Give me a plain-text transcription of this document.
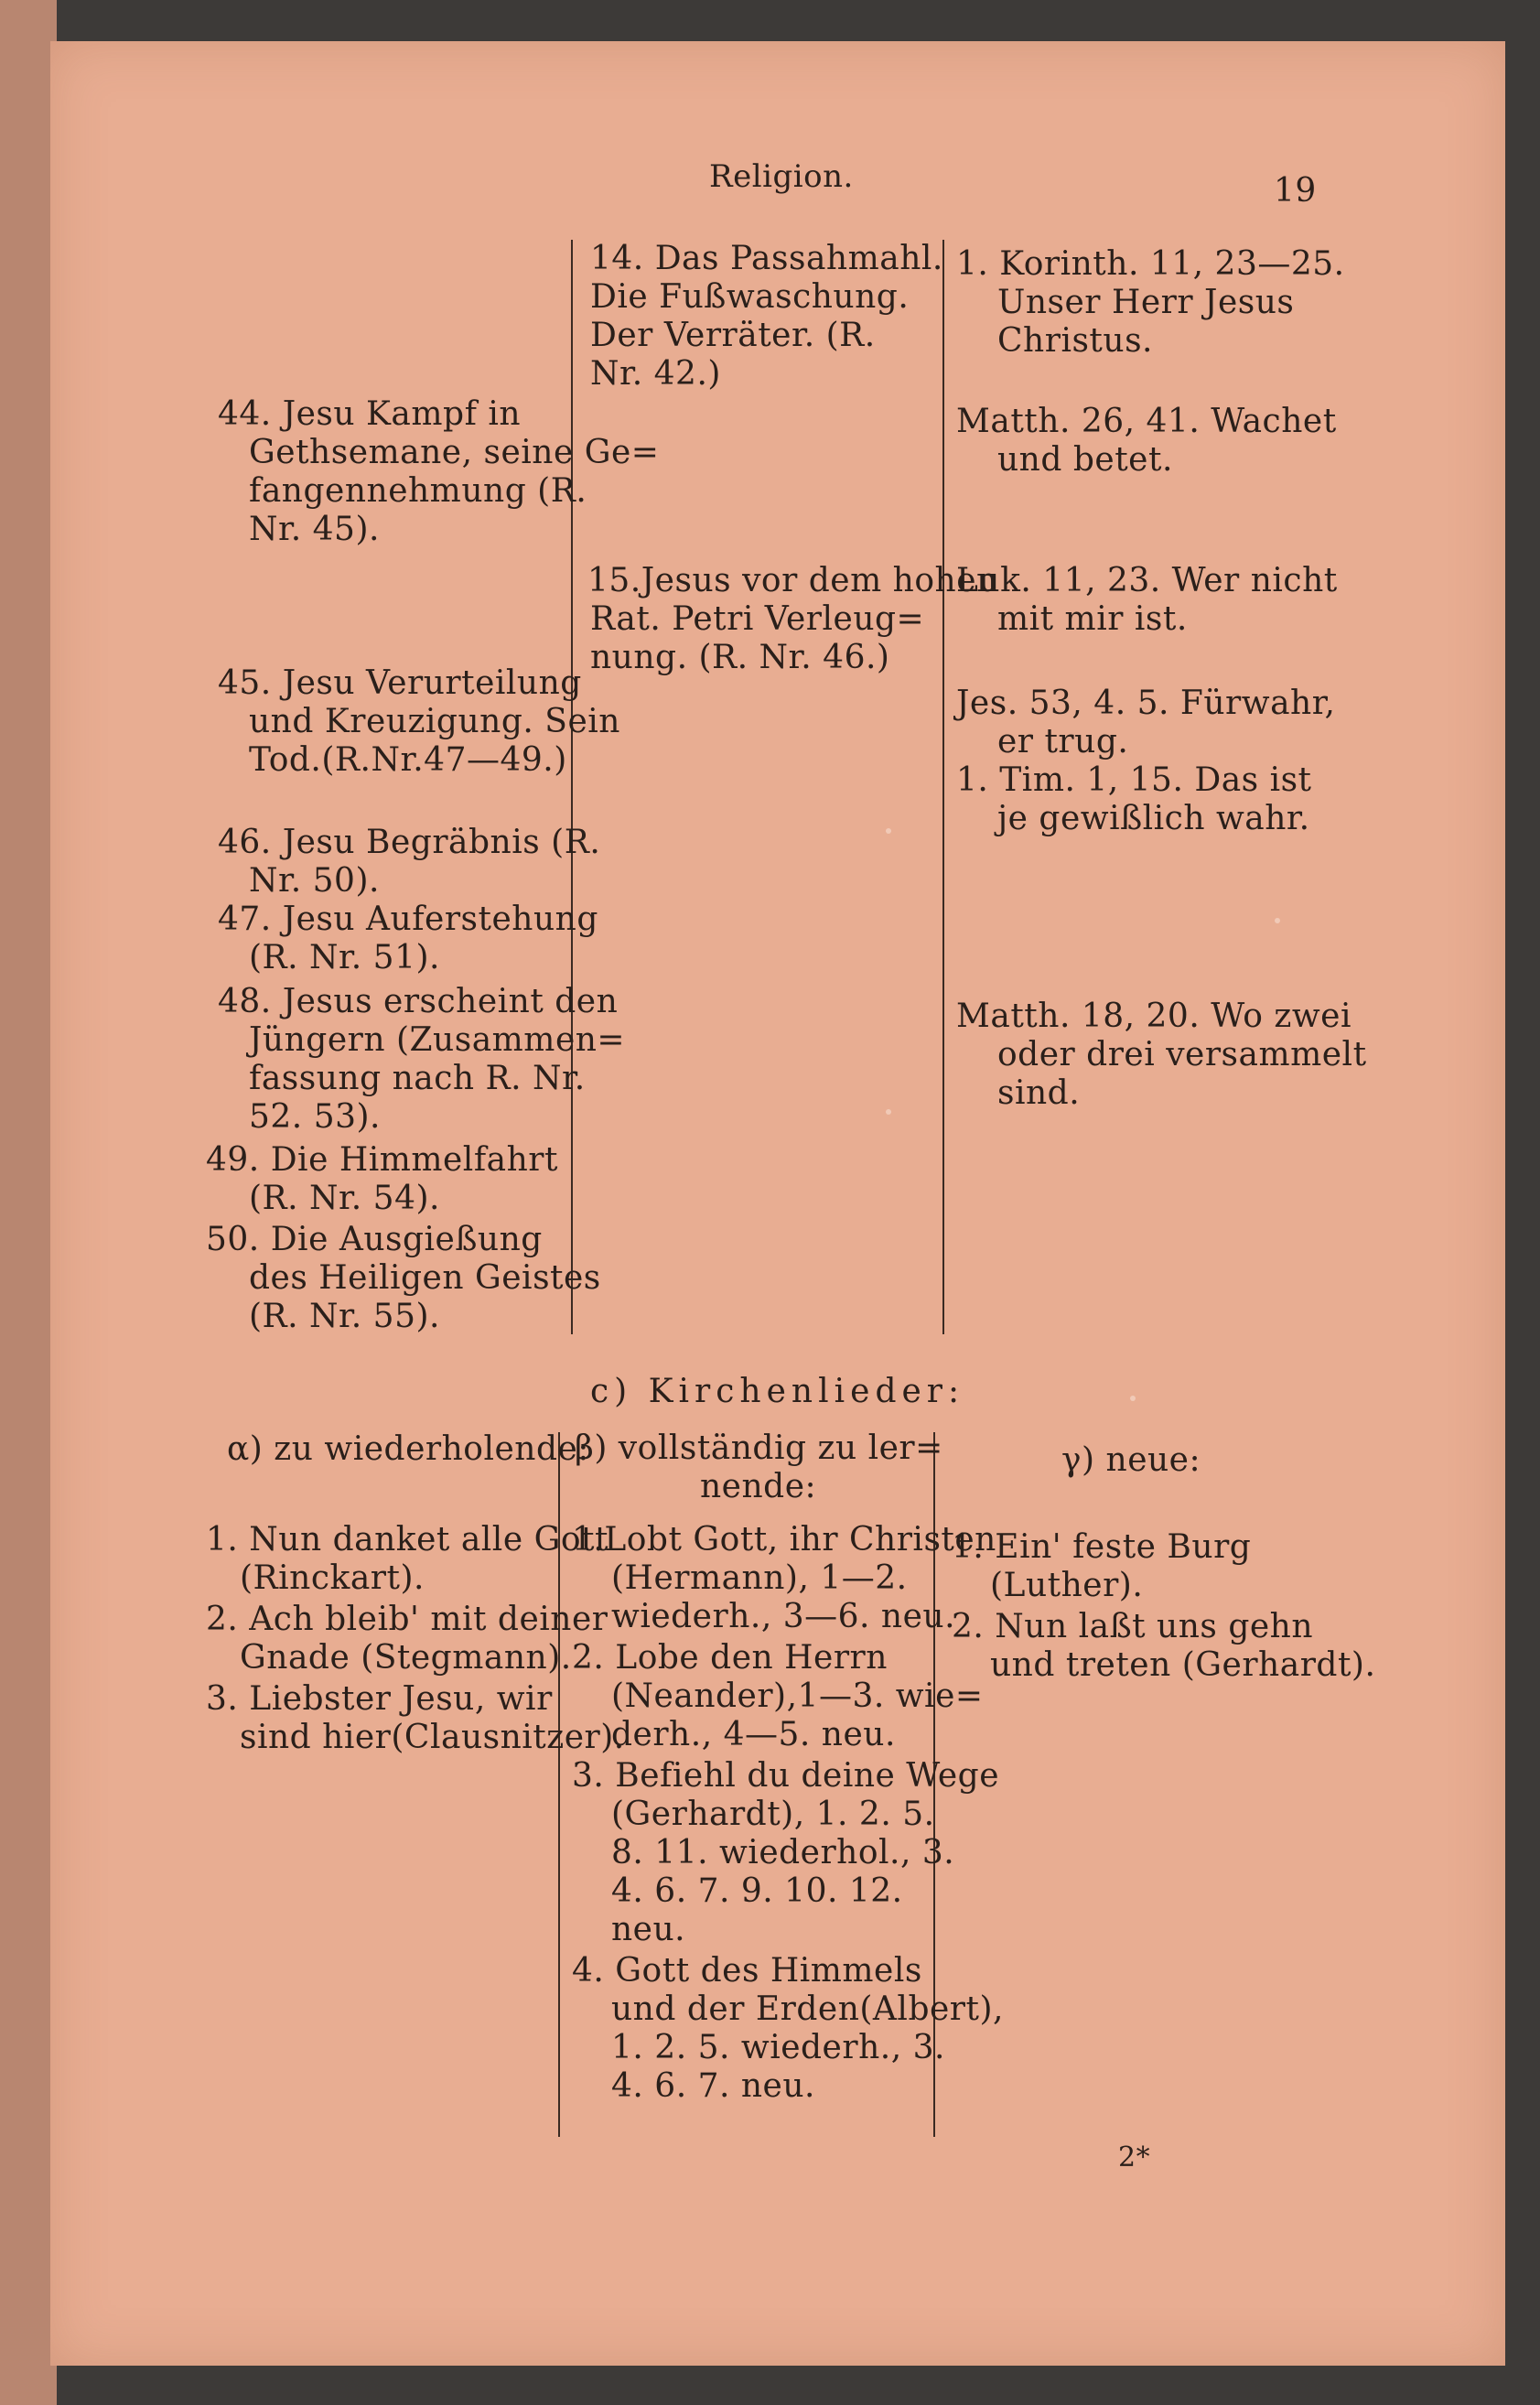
Religion.	19
44. Jesu Kampf in
Gethsemane, seine Ge=
fangennehmung (R.
Nr. 45).
45. Jesu Verurteilung
und Kreuzigung. Sein
Tod.(R.Nr.47—49.)
46. Jesu Begräbnis (R.
Nr. 50).
47. Jesu Auferstehung
(R. Nr. 51).
48. Jesus erscheint den
Jüngern (Zusammen=
fassung nach R. Nr.
52. 53).
49. Die Himmelfahrt
(R. Nr. 54).
50. Die Ausgießung
des Heiligen Geistes
(R. Nr. 55).
14. Das Passahmahl.
Die Fußwaschung.
Der Verräter. (R.
Nr. 42.)
15.Jesus vor dem hohen
Rat. Petri Verleug=
nung. (R. Nr. 46.)
1. Korinth. 11, 23—25.
Unser Herr Jesus
Christus.
Matth. 26, 41. Wachet
und betet.
Luk. 11, 23. Wer nicht
mit mir ist.
Jes. 53, 4. 5. Fürwahr,
er trug.
1. Tim. 1, 15. Das ist
je gewißlich wahr.
Matth. 18, 20. Wo zwei
oder drei versammelt
sind.
c) Kirchenlieder:
α) zu wiederholende:
1. Nun danket alle Gott
(Rinckart).
2. Ach bleib' mit deiner
Gnade (Stegmann).
3. Liebster Jesu, wir
sind hier(Clausnitzer).
β) vollständig zu ler=
nende:
1.Lobt Gott, ihr Christen
(Hermann), 1—2.
wiederh., 3—6. neu.
2. Lobe den Herrn
(Neander),1—3. wie=
derh., 4—5. neu.
3. Befiehl du deine Wege
(Gerhardt), 1. 2. 5.
8. 11. wiederhol., 3.
4. 6. 7. 9. 10. 12.
neu.
4. Gott des Himmels
und der Erden(Albert),
1. 2. 5. wiederh., 3.
4. 6. 7. neu.
γ) neue:
1. Ein' feste Burg
(Luther).
2. Nun laßt uns gehn
und treten (Gerhardt).
2*
